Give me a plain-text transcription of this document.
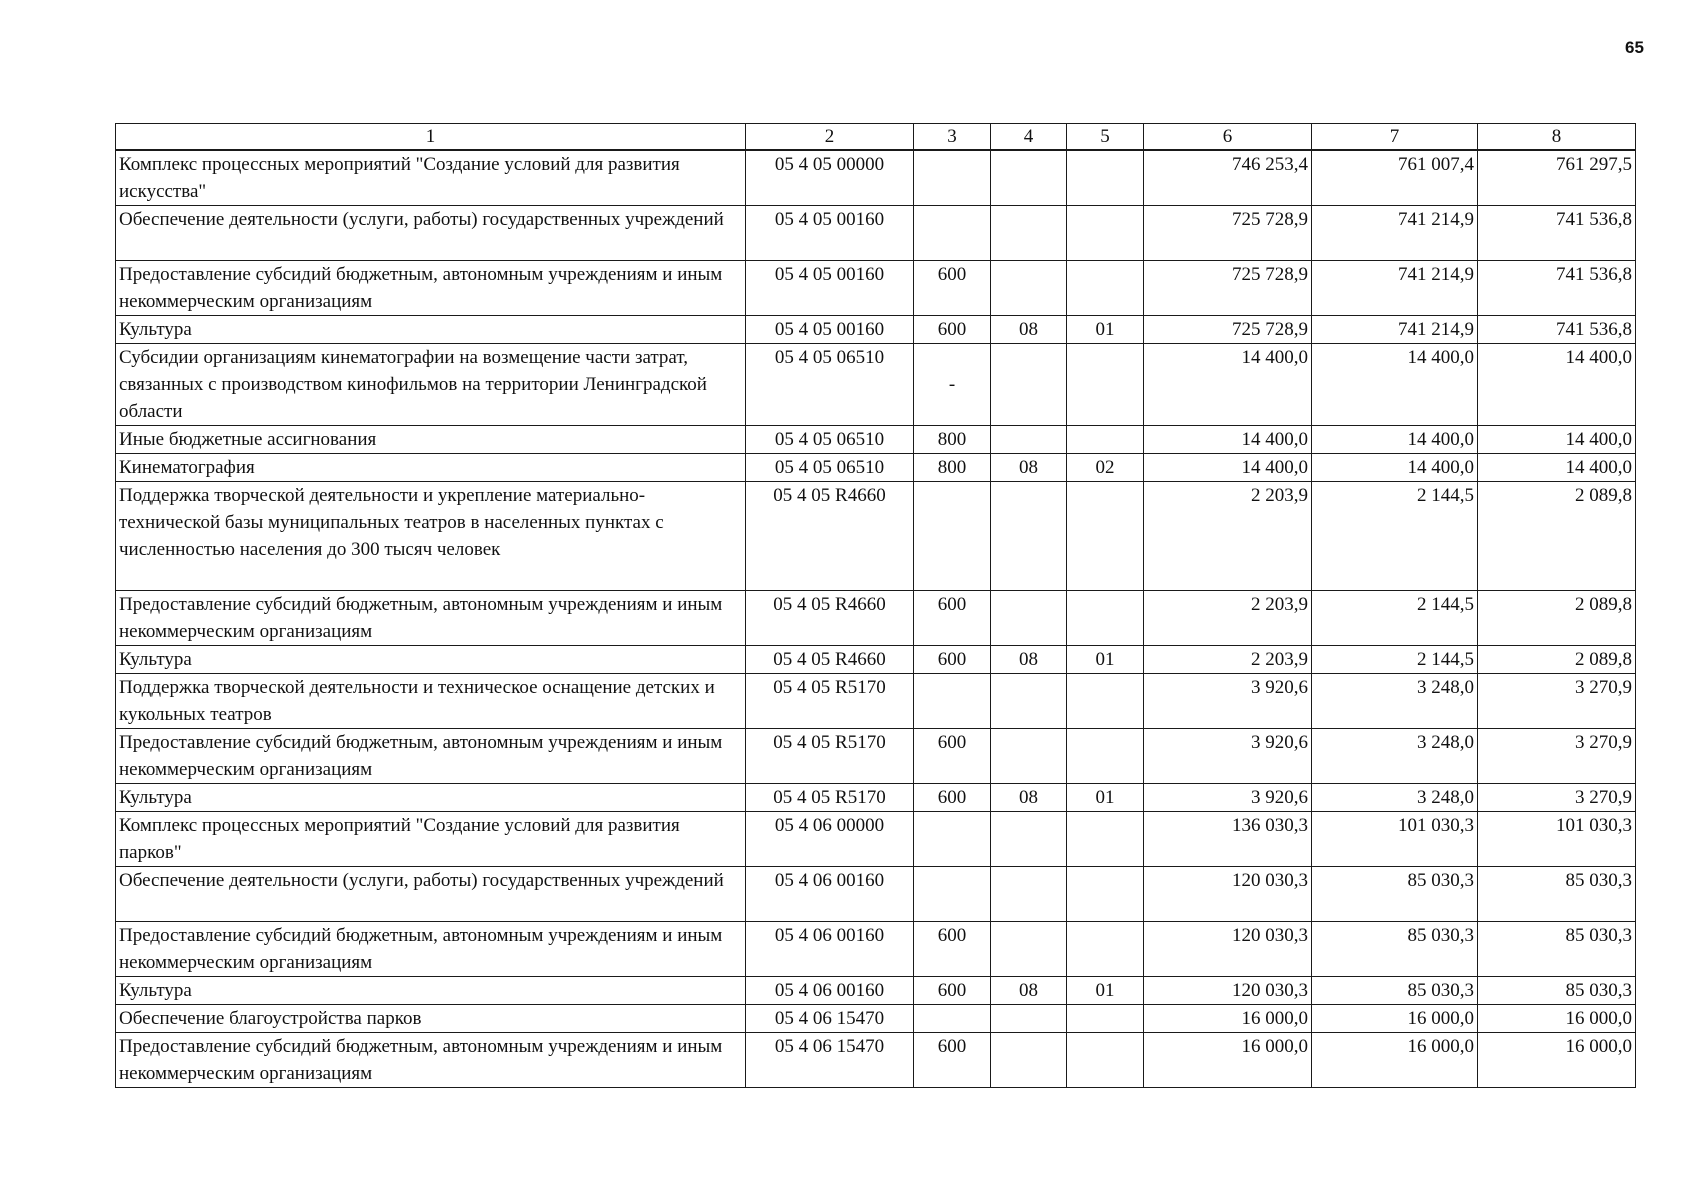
65
1	2	3	4	5	6	7	8
Комплекс процессных мероприятий "Создание условий для развития искусства"	05 4 05 00000				746 253,4	761 007,4	761 297,5
Обеспечение деятельности (услуги, работы) государственных учреждений	05 4 05 00160				725 728,9	741 214,9	741 536,8
Предоставление субсидий бюджетным, автономным учреждениям и иным некоммерческим организациям	05 4 05 00160	600			725 728,9	741 214,9	741 536,8
Культура	05 4 05 00160	600	08	01	725 728,9	741 214,9	741 536,8
Субсидии организациям кинематографии на возмещение части затрат, связанных с производством кинофильмов на территории Ленинградской области	05 4 05 06510	-			14 400,0	14 400,0	14 400,0
Иные бюджетные ассигнования	05 4 05 06510	800			14 400,0	14 400,0	14 400,0
Кинематография	05 4 05 06510	800	08	02	14 400,0	14 400,0	14 400,0
Поддержка творческой деятельности и укрепление материально-технической базы муниципальных театров в населенных пунктах с численностью населения до 300 тысяч человек	05 4 05 R4660				2 203,9	2 144,5	2 089,8
Предоставление субсидий бюджетным, автономным учреждениям и иным некоммерческим организациям	05 4 05 R4660	600			2 203,9	2 144,5	2 089,8
Культура	05 4 05 R4660	600	08	01	2 203,9	2 144,5	2 089,8
Поддержка творческой деятельности и техническое оснащение детских и кукольных театров	05 4 05 R5170				3 920,6	3 248,0	3 270,9
Предоставление субсидий бюджетным, автономным учреждениям и иным некоммерческим организациям	05 4 05 R5170	600			3 920,6	3 248,0	3 270,9
Культура	05 4 05 R5170	600	08	01	3 920,6	3 248,0	3 270,9
Комплекс процессных мероприятий "Создание условий для развития парков"	05 4 06 00000				136 030,3	101 030,3	101 030,3
Обеспечение деятельности (услуги, работы) государственных учреждений	05 4 06 00160				120 030,3	85 030,3	85 030,3
Предоставление субсидий бюджетным, автономным учреждениям и иным некоммерческим организациям	05 4 06 00160	600			120 030,3	85 030,3	85 030,3
Культура	05 4 06 00160	600	08	01	120 030,3	85 030,3	85 030,3
Обеспечение благоустройства парков	05 4 06 15470				16 000,0	16 000,0	16 000,0
Предоставление субсидий бюджетным, автономным учреждениям и иным некоммерческим организациям	05 4 06 15470	600			16 000,0	16 000,0	16 000,0
